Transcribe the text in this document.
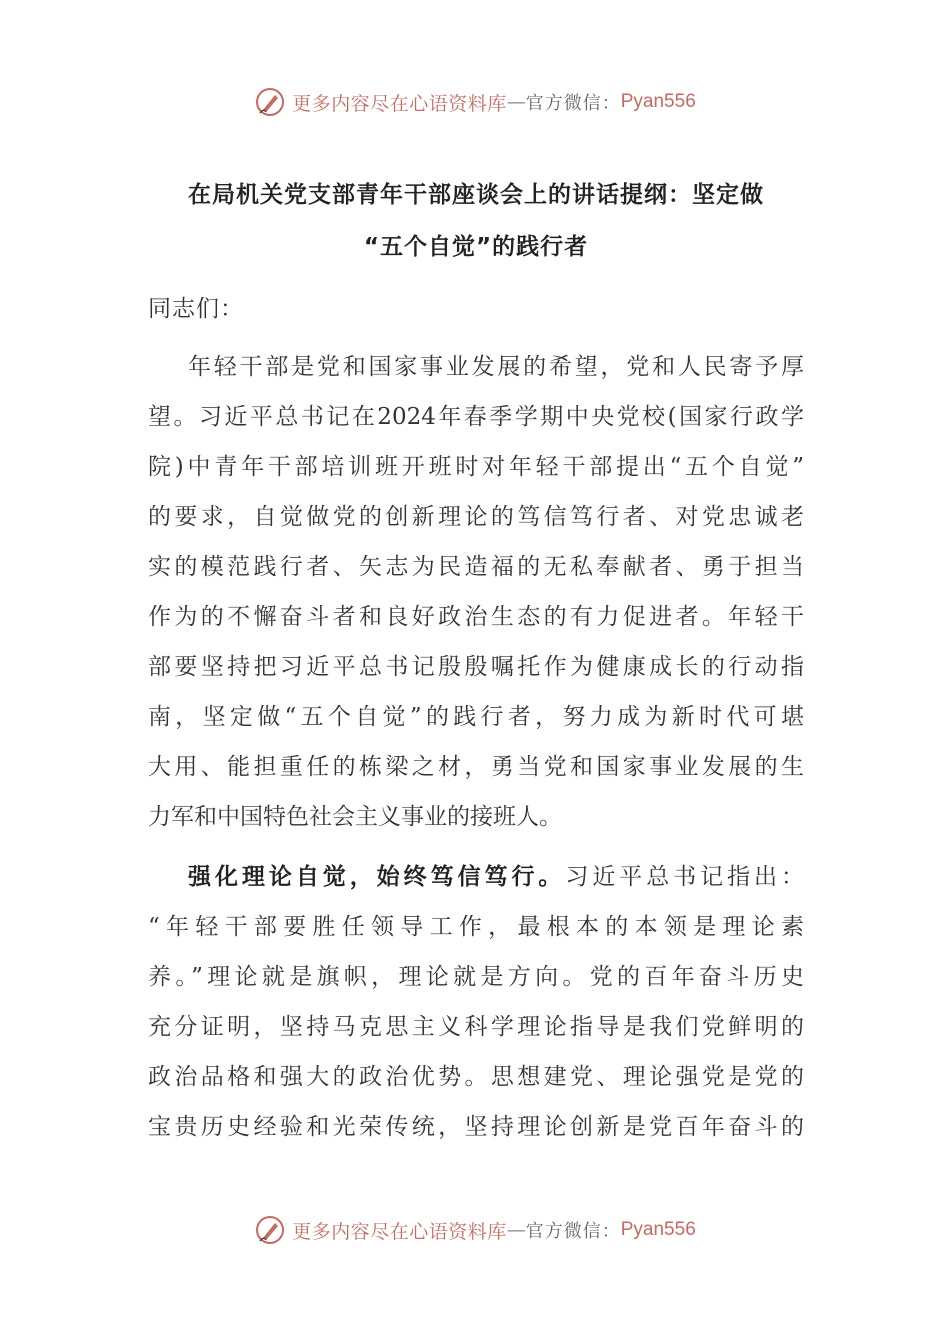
更多内容尽在心语资料库 — 官方微信： Pyan556
在局机关党支部青年干部座谈会上的讲话提纲：坚定做
“五个自觉”的践行者
同志们：
年轻干部是党和国家事业发展的希望，党和人民寄予厚
望。习近平总书记在2024年春季学期中央党校(国家行政学
院)中青年干部培训班开班时对年轻干部提出“五个自觉”
的要求，自觉做党的创新理论的笃信笃行者、对党忠诚老
实的模范践行者、矢志为民造福的无私奉献者、勇于担当
作为的不懈奋斗者和良好政治生态的有力促进者。年轻干
部要坚持把习近平总书记殷殷嘱托作为健康成长的行动指
南，坚定做“五个自觉”的践行者，努力成为新时代可堪
大用、能担重任的栋梁之材，勇当党和国家事业发展的生
力军和中国特色社会主义事业的接班人。
强化理论自觉，始终笃信笃行。习近平总书记指出：
“年轻干部要胜任领导工作，最根本的本领是理论素
养。”理论就是旗帜，理论就是方向。党的百年奋斗历史
充分证明，坚持马克思主义科学理论指导是我们党鲜明的
政治品格和强大的政治优势。思想建党、理论强党是党的
宝贵历史经验和光荣传统，坚持理论创新是党百年奋斗的
更多内容尽在心语资料库 — 官方微信： Pyan556
